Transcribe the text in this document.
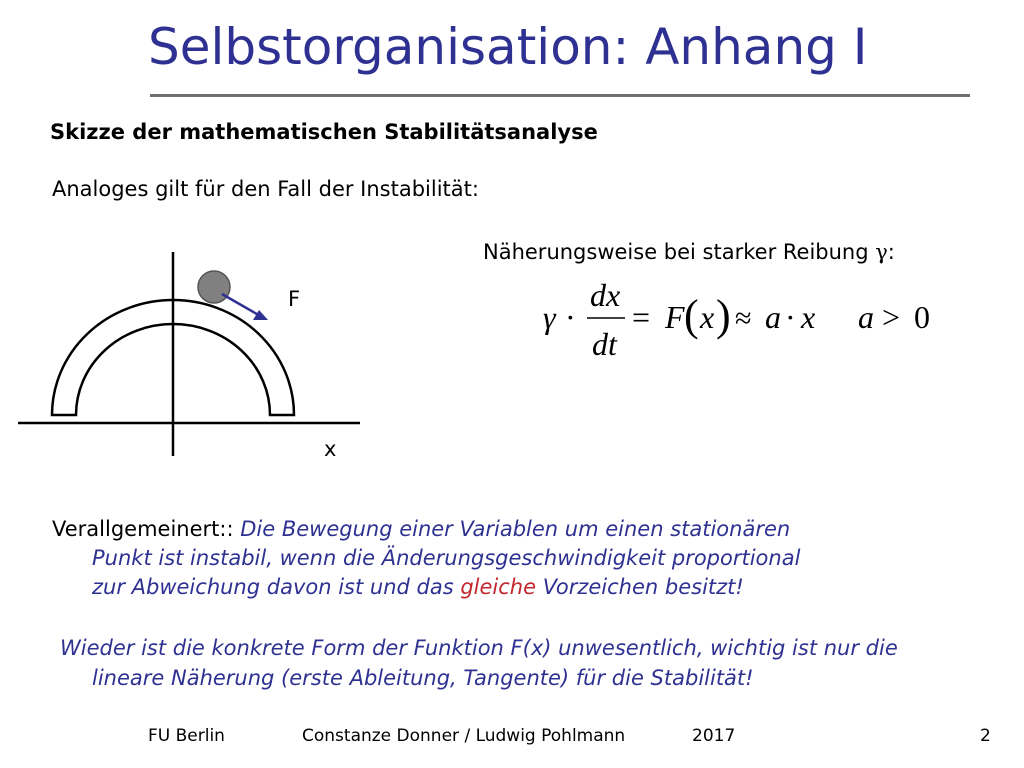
Selbstorganisation: Anhang I
Skizze der mathematischen Stabilitätsanalyse
Analoges gilt für den Fall der Instabilität:
Näherungsweise bei starker Reibung γ:
F
x
γ ·
dx
dt
= F ( x ) ≈ a · x a > 0
Verallgemeinert:: Die Bewegung einer Variablen um einen stationären
Punkt ist instabil, wenn die Änderungsgeschwindigkeit proportional
zur Abweichung davon ist und das gleiche Vorzeichen besitzt!
Wieder ist die konkrete Form der Funktion F(x) unwesentlich, wichtig ist nur die
lineare Näherung (erste Ableitung, Tangente) für die Stabilität!
FU Berlin	Constanze Donner / Ludwig Pohlmann	2017	2
